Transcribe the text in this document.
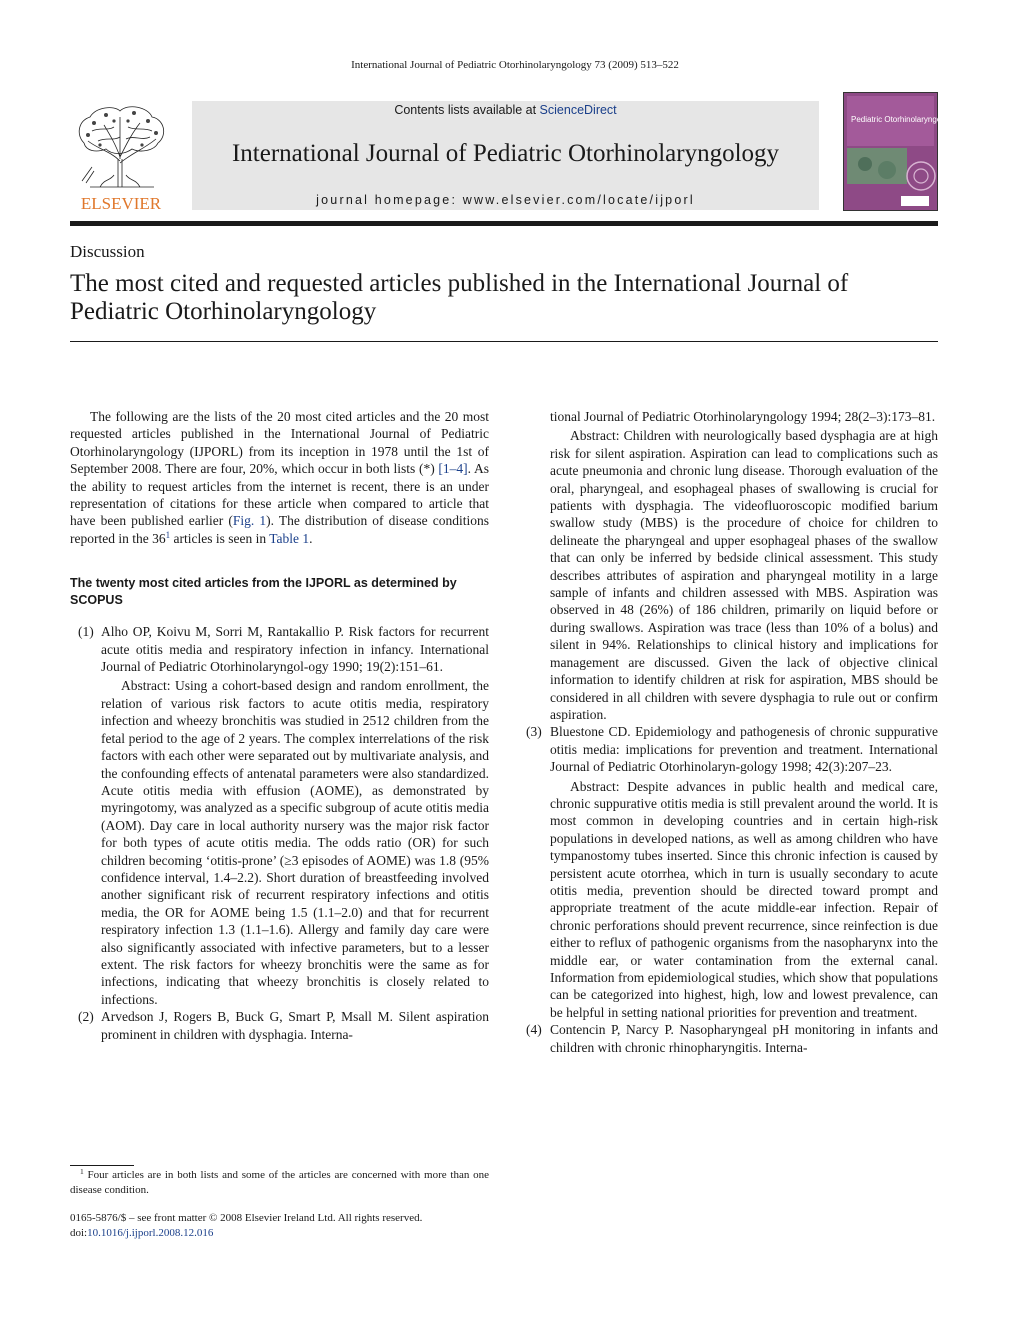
International Journal of Pediatric Otorhinolaryngology 73 (2009) 513–522
ELSEVIER
Contents lists available at ScienceDirect
International Journal of Pediatric Otorhinolaryngology
journal homepage: www.elsevier.com/locate/ijporl
Pediatric Otorhinolaryngology
Discussion
The most cited and requested articles published in the International Journal of Pediatric Otorhinolaryngology

The following are the lists of the 20 most cited articles and the 20 most requested articles published in the International Journal of Pediatric Otorhinolaryngology (IJPORL) from its inception in 1978 until the 1st of September 2008. There are four, 20%, which occur in both lists (*) [1–4]. As the ability to request articles from the internet is recent, there is an under representation of citations for these article when compared to article that have been published earlier (Fig. 1). The distribution of disease conditions reported in the $36^1$ articles is seen in Table 1.

The twenty most cited articles from the IJPORL as determined by SCOPUS

(1) Alho OP, Koivu M, Sorri M, Rantakallio P. Risk factors for recurrent acute otitis media and respiratory infection in infancy. International Journal of Pediatric Otorhinolaryngol-ogy 1990; 19(2):151–61.

Abstract: Using a cohort-based design and random enrollment, the relation of various risk factors to acute otitis media, respiratory infection and wheezy bronchitis was studied in 2512 children from the fetal period to the age of 2 years. The complex interrelations of the risk factors with each other were separated out by multivariate analysis, and the confounding effects of antenatal parameters were also standardized. Acute otitis media with effusion (AOME), as demonstrated by myringotomy, was analyzed as a specific subgroup of acute otitis media (AOM). Day care in local authority nursery was the major risk factor for both types of acute otitis media. The odds ratio (OR) for such children becoming ‘otitis-prone’ (≥3 episodes of AOME) was 1.8 (95% confidence interval, 1.4–2.2). Short duration of breastfeeding involved another significant risk of recurrent respiratory infections and otitis media, the OR for AOME being 1.5 (1.1–2.0) and that for recurrent respiratory infection 1.3 (1.1–1.6). Allergy and family day care were also significantly associated with infective parameters, but to a lesser extent. The risk factors for wheezy bronchitis were the same as for infections, indicating that wheezy bronchitis is closely related to infections.

(2) Arvedson J, Rogers B, Buck G, Smart P, Msall M. Silent aspiration prominent in children with dysphagia. Interna-

tional Journal of Pediatric Otorhinolaryngology 1994; 28(2–3):173–81.

Abstract: Children with neurologically based dysphagia are at high risk for silent aspiration. Aspiration can lead to complications such as acute pneumonia and chronic lung disease. Thorough evaluation of the oral, pharyngeal, and esophageal phases of swallowing is crucial for patients with dysphagia. The videofluoroscopic modified barium swallow study (MBS) is the procedure of choice for children to delineate the pharyngeal and upper esophageal phases of the swallow that can only be inferred by bedside clinical assessment. This study describes attributes of aspiration and pharyngeal motility in a large sample of infants and children assessed with MBS. Aspiration was observed in 48 (26%) of 186 children, primarily on liquid before or during swallows. Aspiration was trace (less than 10% of a bolus) and silent in 94%. Relationships to clinical history and implications for management are discussed. Given the lack of objective clinical information to identify children at risk for aspiration, MBS should be considered in all children with severe dysphagia to rule out or confirm aspiration.

(3) Bluestone CD. Epidemiology and pathogenesis of chronic suppurative otitis media: implications for prevention and treatment. International Journal of Pediatric Otorhinolaryn-gology 1998; 42(3):207–23.

Abstract: Despite advances in public health and medical care, chronic suppurative otitis media is still prevalent around the world. It is most common in developing countries and in certain high-risk populations in developed nations, as well as among children who have tympanostomy tubes inserted. Since this chronic infection is caused by persistent acute otorrhea, which in turn is usually secondary to acute otitis media, prevention should be directed toward prompt and appropriate treatment of the acute middle-ear infection. Repair of chronic perforations should prevent recurrence, since reinfection is due either to reflux of pathogenic organisms from the nasopharynx into the middle ear, or water contamination from the external canal. Information from epidemiological studies, which show that populations can be categorized into highest, high, low and lowest prevalence, can be helpful in setting national priorities for prevention and treatment.

(4) Contencin P, Narcy P. Nasopharyngeal pH monitoring in infants and children with chronic rhinopharyngitis. Interna-

$^1$ Four articles are in both lists and some of the articles are concerned with more than one disease condition.
0165-5876/$ – see front matter © 2008 Elsevier Ireland Ltd. All rights reserved.
doi:10.1016/j.ijporl.2008.12.016
